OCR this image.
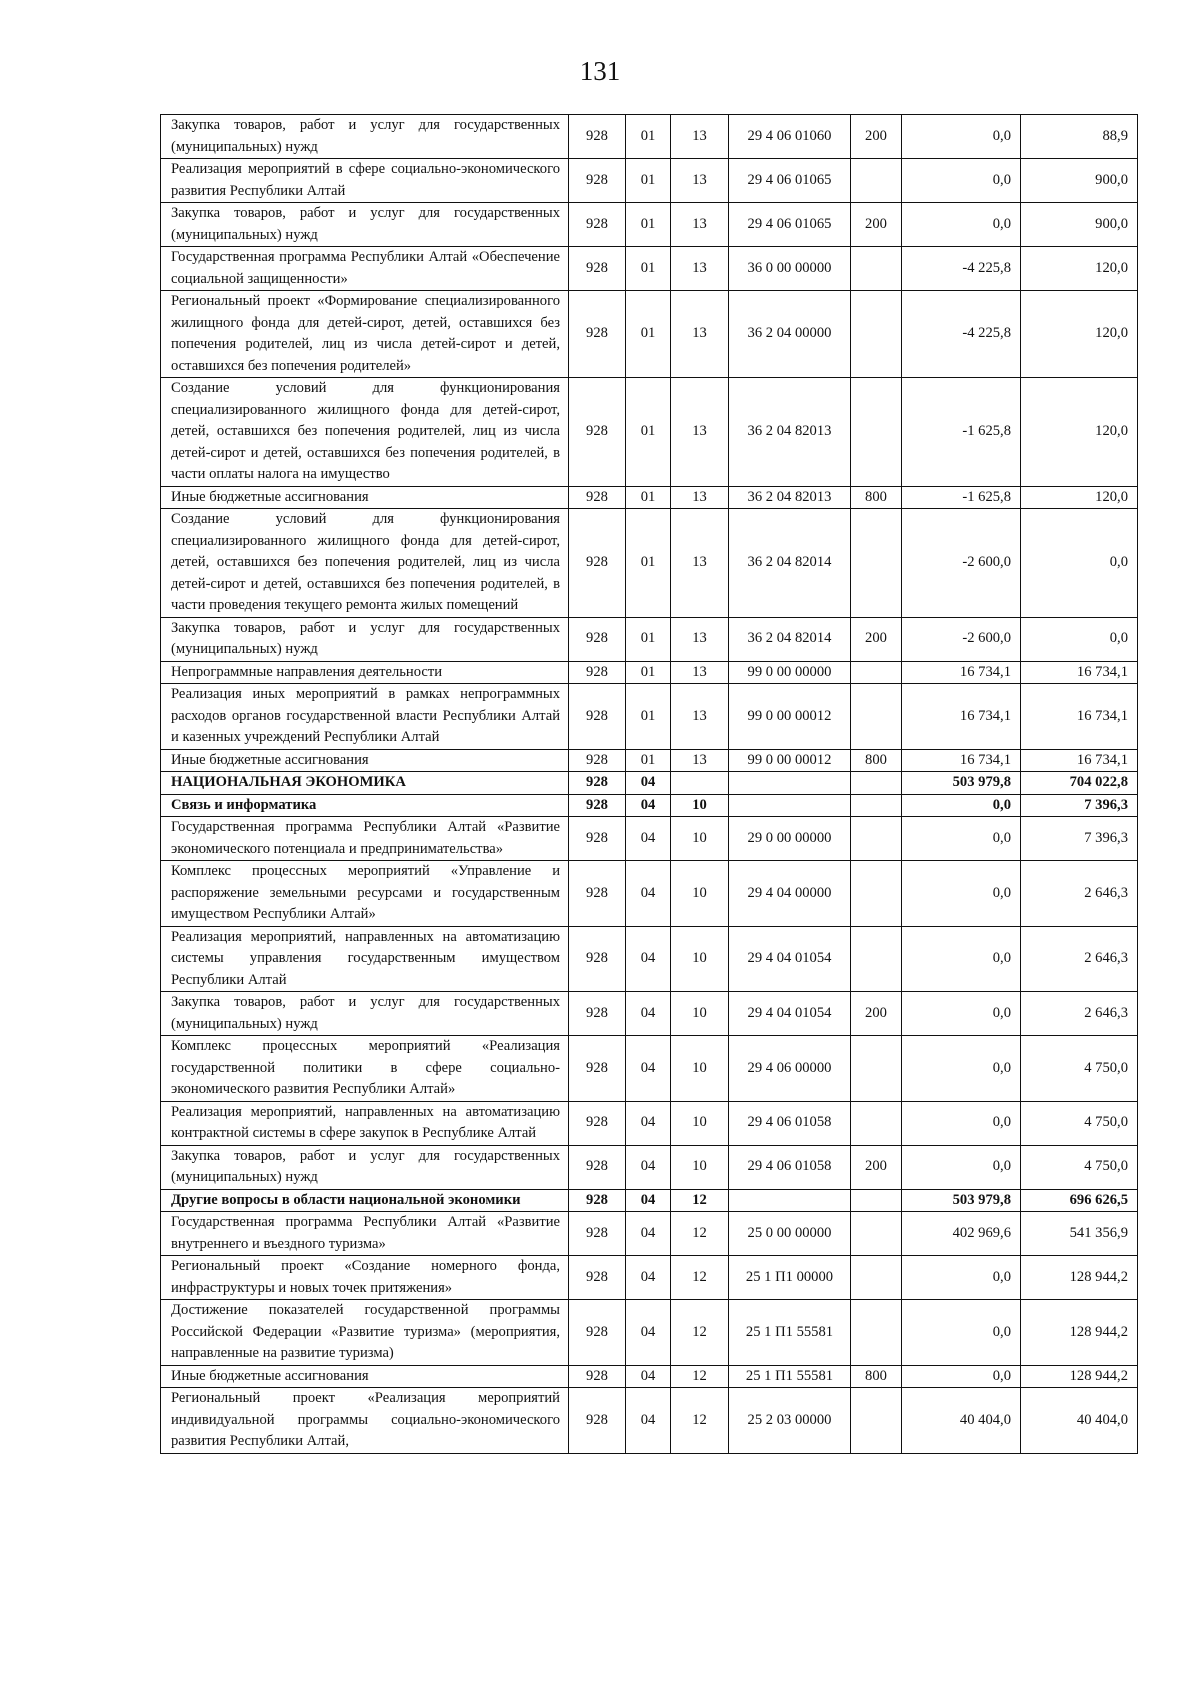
131
Закупка товаров, работ и услуг для государственных (муниципальных) нужд	928	01	13	29 4 06 01060	200	0,0	88,9
Реализация мероприятий в сфере социально-экономического развития Республики Алтай	928	01	13	29 4 06 01065		0,0	900,0
Закупка товаров, работ и услуг для государственных (муниципальных) нужд	928	01	13	29 4 06 01065	200	0,0	900,0
Государственная программа Республики Алтай «Обеспечение социальной защищенности»	928	01	13	36 0 00 00000		-4 225,8	120,0
Региональный проект «Формирование специализированного жилищного фонда для детей-сирот, детей, оставшихся без попечения родителей, лиц из числа детей-сирот и детей, оставшихся без попечения родителей»	928	01	13	36 2 04 00000		-4 225,8	120,0
Создание условий для функционирования специализированного жилищного фонда для детей-сирот, детей, оставшихся без попечения родителей, лиц из числа детей-сирот и детей, оставшихся без попечения родителей, в части оплаты налога на имущество	928	01	13	36 2 04 82013		-1 625,8	120,0
Иные бюджетные ассигнования	928	01	13	36 2 04 82013	800	-1 625,8	120,0
Создание условий для функционирования специализированного жилищного фонда для детей-сирот, детей, оставшихся без попечения родителей, лиц из числа детей-сирот и детей, оставшихся без попечения родителей, в части проведения текущего ремонта жилых помещений	928	01	13	36 2 04 82014		-2 600,0	0,0
Закупка товаров, работ и услуг для государственных (муниципальных) нужд	928	01	13	36 2 04 82014	200	-2 600,0	0,0
Непрограммные направления деятельности	928	01	13	99 0 00 00000		16 734,1	16 734,1
Реализация иных мероприятий в рамках непрограммных расходов органов государственной власти Республики Алтай и казенных учреждений Республики Алтай	928	01	13	99 0 00 00012		16 734,1	16 734,1
Иные бюджетные ассигнования	928	01	13	99 0 00 00012	800	16 734,1	16 734,1
НАЦИОНАЛЬНАЯ ЭКОНОМИКА	928	04				503 979,8	704 022,8
Связь и информатика	928	04	10			0,0	7 396,3
Государственная программа Республики Алтай «Развитие экономического потенциала и предпринимательства»	928	04	10	29 0 00 00000		0,0	7 396,3
Комплекс процессных мероприятий «Управление и распоряжение земельными ресурсами и государственным имуществом Республики Алтай»	928	04	10	29 4 04 00000		0,0	2 646,3
Реализация мероприятий, направленных на автоматизацию системы управления государственным имуществом Республики Алтай	928	04	10	29 4 04 01054		0,0	2 646,3
Закупка товаров, работ и услуг для государственных (муниципальных) нужд	928	04	10	29 4 04 01054	200	0,0	2 646,3
Комплекс процессных мероприятий «Реализация государственной политики в сфере социально-экономического развития Республики Алтай»	928	04	10	29 4 06 00000		0,0	4 750,0
Реализация мероприятий, направленных на автоматизацию контрактной системы в сфере закупок в Республике Алтай	928	04	10	29 4 06 01058		0,0	4 750,0
Закупка товаров, работ и услуг для государственных (муниципальных) нужд	928	04	10	29 4 06 01058	200	0,0	4 750,0
Другие вопросы в области национальной экономики	928	04	12			503 979,8	696 626,5
Государственная программа Республики Алтай «Развитие внутреннего и въездного туризма»	928	04	12	25 0 00 00000		402 969,6	541 356,9
Региональный проект «Создание номерного фонда, инфраструктуры и новых точек притяжения»	928	04	12	25 1 П1 00000		0,0	128 944,2
Достижение показателей государственной программы Российской Федерации «Развитие туризма» (мероприятия, направленные на развитие туризма)	928	04	12	25 1 П1 55581		0,0	128 944,2
Иные бюджетные ассигнования	928	04	12	25 1 П1 55581	800	0,0	128 944,2
Региональный проект «Реализация мероприятий индивидуальной программы социально-экономического развития Республики Алтай,	928	04	12	25 2 03 00000		40 404,0	40 404,0
